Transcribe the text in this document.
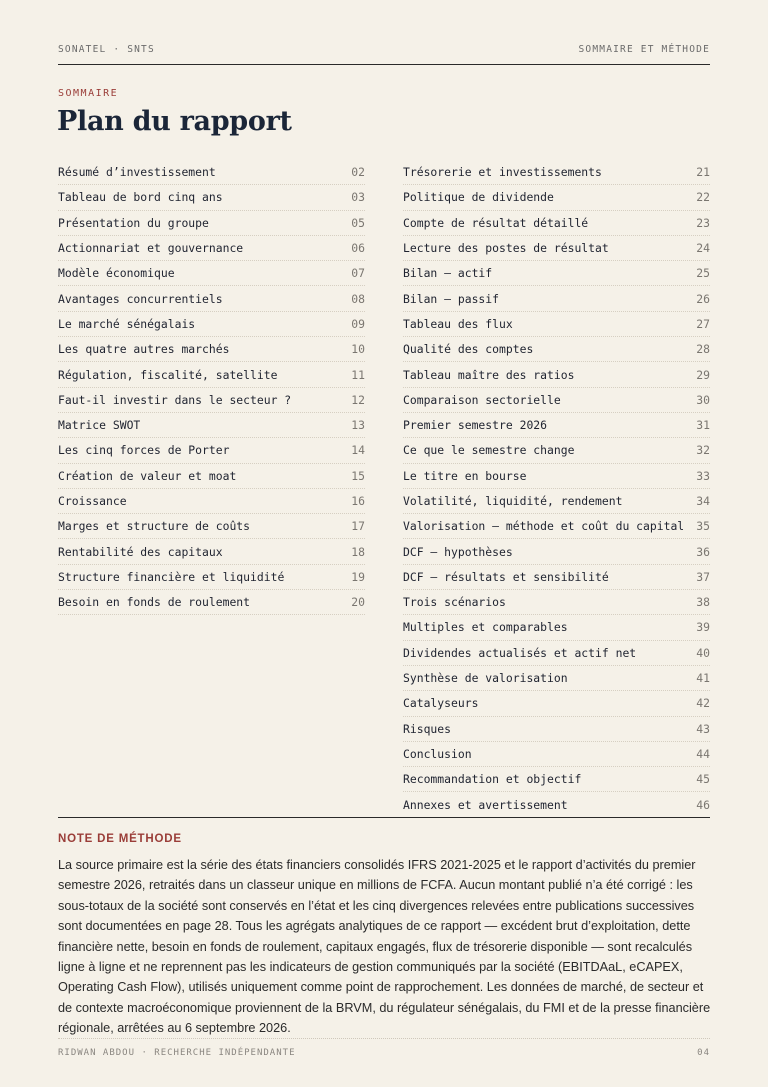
SONATEL · SNTS	SOMMAIRE ET MÉTHODE
SOMMAIRE
Plan du rapport
Résumé d’investissement	02
Tableau de bord cinq ans	03
Présentation du groupe	05
Actionnariat et gouvernance	06
Modèle économique	07
Avantages concurrentiels	08
Le marché sénégalais	09
Les quatre autres marchés	10
Régulation, fiscalité, satellite	11
Faut-il investir dans le secteur ?	12
Matrice SWOT	13
Les cinq forces de Porter	14
Création de valeur et moat	15
Croissance	16
Marges et structure de coûts	17
Rentabilité des capitaux	18
Structure financière et liquidité	19
Besoin en fonds de roulement	20
Trésorerie et investissements	21
Politique de dividende	22
Compte de résultat détaillé	23
Lecture des postes de résultat	24
Bilan — actif	25
Bilan — passif	26
Tableau des flux	27
Qualité des comptes	28
Tableau maître des ratios	29
Comparaison sectorielle	30
Premier semestre 2026	31
Ce que le semestre change	32
Le titre en bourse	33
Volatilité, liquidité, rendement	34
Valorisation — méthode et coût du capital 35
DCF — hypothèses	36
DCF — résultats et sensibilité	37
Trois scénarios	38
Multiples et comparables	39
Dividendes actualisés et actif net	40
Synthèse de valorisation	41
Catalyseurs	42
Risques	43
Conclusion	44
Recommandation et objectif	45
Annexes et avertissement	46
NOTE DE MÉTHODE

La source primaire est la série des états financiers consolidés IFRS 2021-2025 et le rapport d’activités du premier semestre 2026, retraités dans un classeur unique en millions de FCFA. Aucun montant publié n’a été corrigé : les sous-totaux de la société sont conservés en l’état et les cinq divergences relevées entre publications successives sont documentées en page 28. Tous les agrégats analytiques de ce rapport — excédent brut d’exploitation, dette financière nette, besoin en fonds de roulement, capitaux engagés, flux de trésorerie disponible — sont recalculés ligne à ligne et ne reprennent pas les indicateurs de gestion communiqués par la société (EBITDAaL, eCAPEX, Operating Cash Flow), utilisés uniquement comme point de rapprochement. Les données de marché, de secteur et de contexte macroéconomique proviennent de la BRVM, du régulateur sénégalais, du FMI et de la presse financière régionale, arrêtées au 6 septembre 2026.

RIDWAN ABDOU · RECHERCHE INDÉPENDANTE	04
